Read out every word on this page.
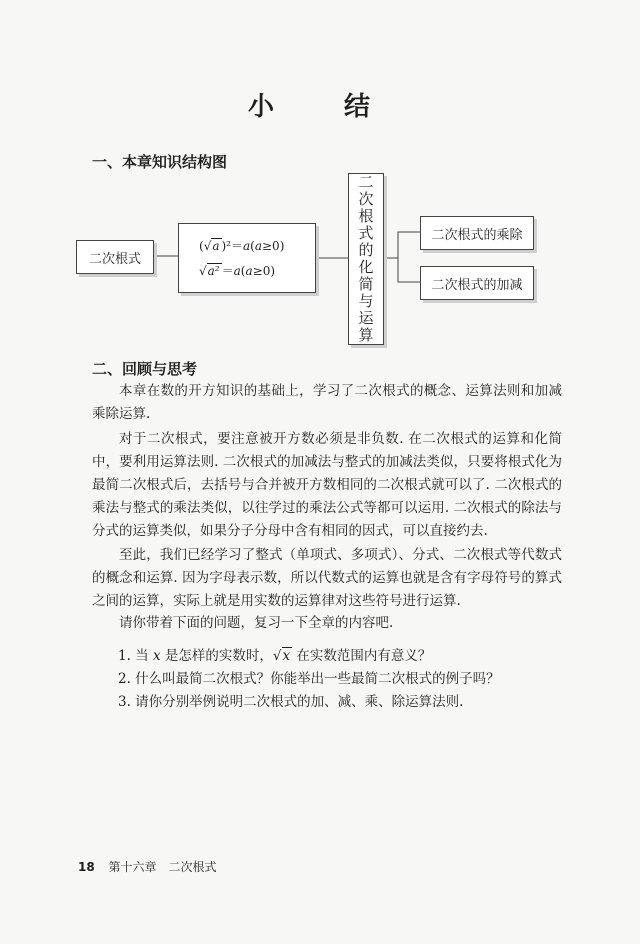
小　结
一、本章知识结构图
二次根式
(√a )²＝a(a≥0)
√a² ＝a(a≥0)
二
次
根
式
的
化
简
与
运
算
二次根式的乘除
二次根式的加减
二、回顾与思考

本章在数的开方知识的基础上，学习了二次根式的概念、运算法则和加减乘除运算.

对于二次根式，要注意被开方数必须是非负数. 在二次根式的运算和化简中，要利用运算法则. 二次根式的加减法与整式的加减法类似，只要将根式化为最简二次根式后，去括号与合并被开方数相同的二次根式就可以了. 二次根式的乘法与整式的乘法类似，以往学过的乘法公式等都可以运用. 二次根式的除法与分式的运算类似，如果分子分母中含有相同的因式，可以直接约去.

至此，我们已经学习了整式（单项式、多项式）、分式、二次根式等代数式的概念和运算. 因为字母表示数，所以代数式的运算也就是含有字母符号的算式之间的运算，实际上就是用实数的运算律对这些符号进行运算.

请你带着下面的问题，复习一下全章的内容吧.

1. 当 x 是怎样的实数时，√x 在实数范围内有意义？
2. 什么叫最简二次根式？你能举出一些最简二次根式的例子吗？
3. 请你分别举例说明二次根式的加、减、乘、除运算法则.
18 第十六章　二次根式
